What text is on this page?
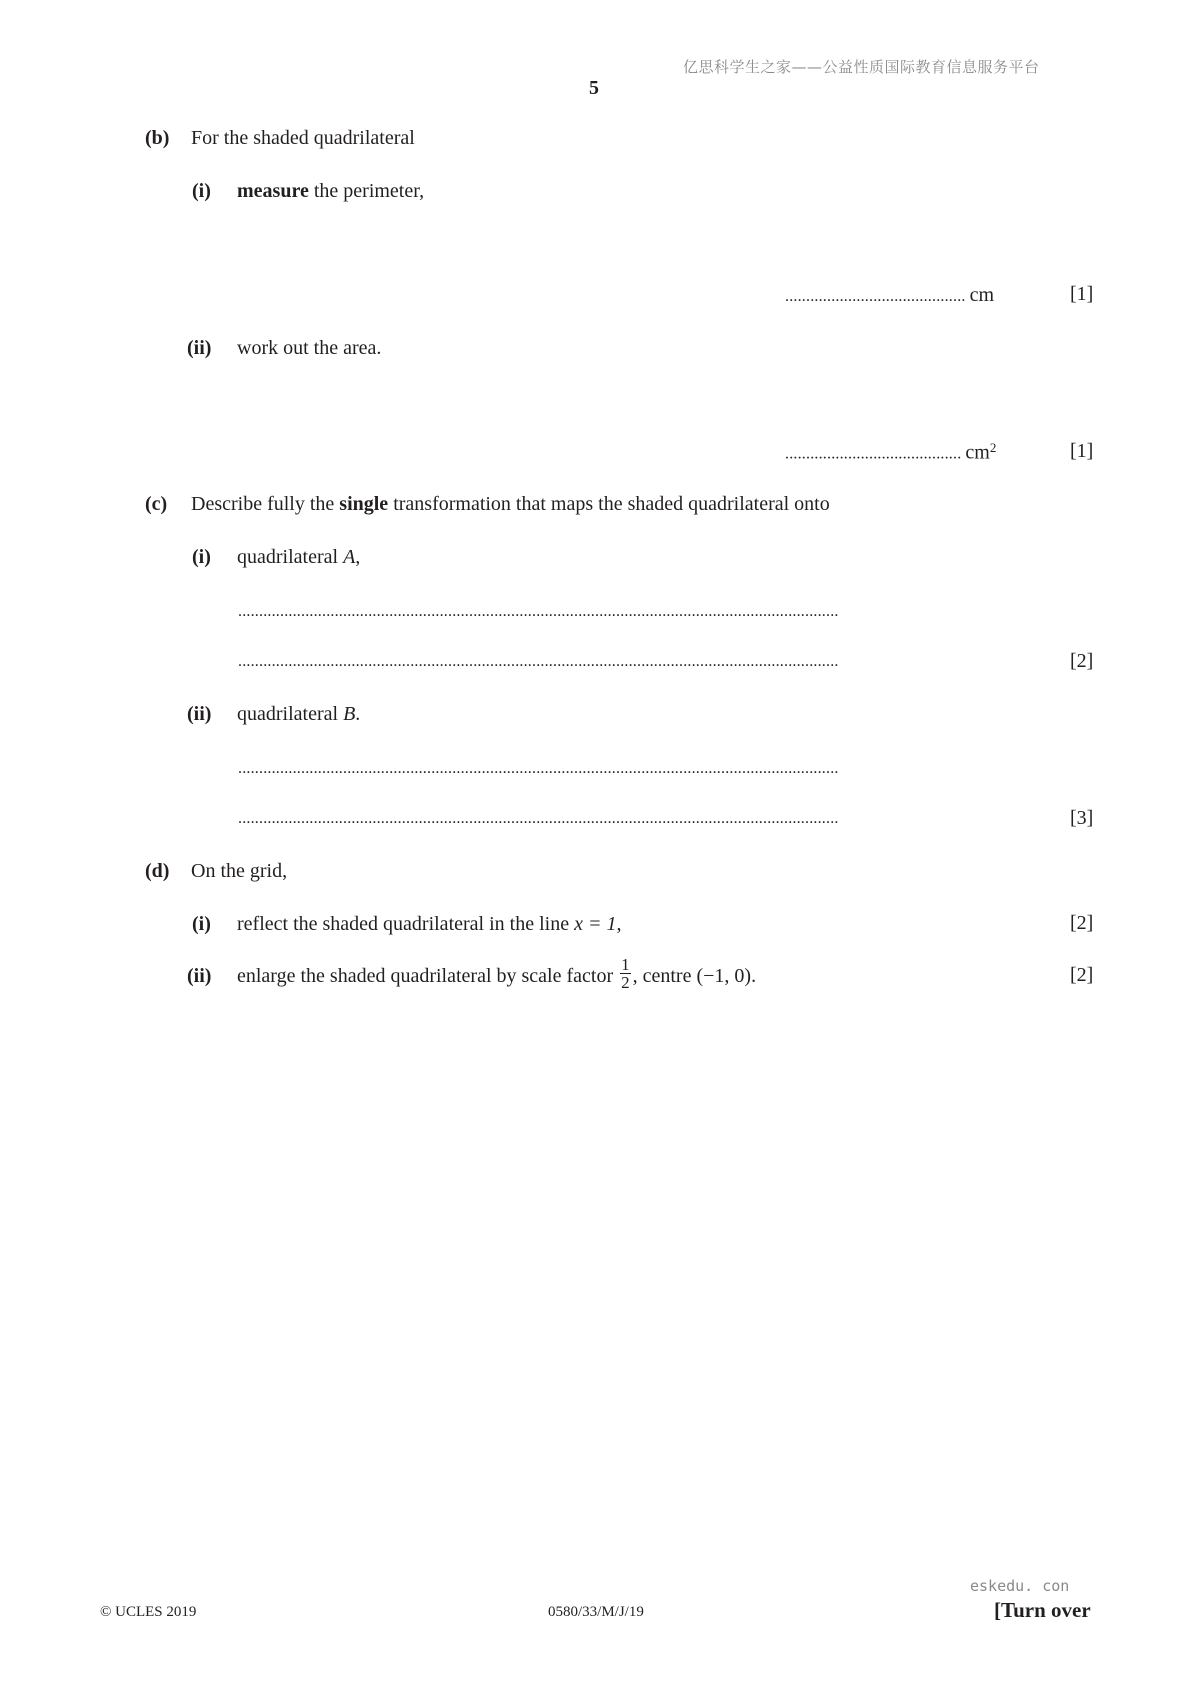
亿思科学生之家——公益性质国际教育信息服务平台
5
(b) For the shaded quadrilateral
(i) measure the perimeter,
........................................... cm	[1]
(ii) work out the area.
.......................................... $cm^2$	[1]
(c) Describe fully the single transformation that maps the shaded quadrilateral onto
(i) quadrilateral A,
...............................................................................................................................................
...............................................................................................................................................	[2]
(ii) quadrilateral B.
...............................................................................................................................................
...............................................................................................................................................	[3]
(d) On the grid,
(i) reflect the shaded quadrilateral in the line x = 1,	[2]
(ii) enlarge the shaded quadrilateral by scale factor $\frac{1}{2}$ , centre (−1, 0).	[2]
eskedu. con
© UCLES 2019	0580/33/M/J/19	[Turn over
